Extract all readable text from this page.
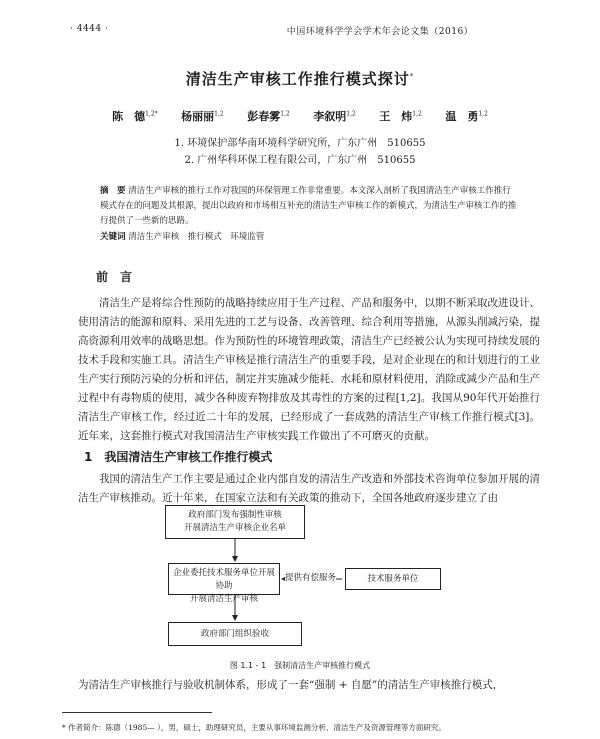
· 4444 ·	中国环境科学学会学术年会论文集（2016）
清洁生产审核工作推行模式探讨*
陈　德$^{1,2*}$ 杨丽丽$^{1,2}$ 彭春雾$^{1,2}$ 李叙明$^{1,2}$ 王　炜$^{1,2}$ 温　勇$^{1,2}$
1. 环境保护部华南环境科学研究所，广东广州　510655
2. 广州华科环保工程有限公司，广东广州　510655
摘　要 清洁生产审核的推行工作对我国的环保管理工作非常重要。本文深入剖析了我国清洁生产审核工作推行模式存在的问题及其根源，提出以政府和市场相互补充的清洁生产审核工作的新模式，为清洁生产审核工作的推行提供了一些新的思路。
关键词 清洁生产审核　推行模式　环境监管
前　言

清洁生产是将综合性预防的战略持续应用于生产过程、产品和服务中，以期不断采取改进设计、使用清洁的能源和原料、采用先进的工艺与设备、改善管理、综合利用等措施，从源头削减污染，提高资源利用效率的战略思想。作为预防性的环境管理政策，清洁生产已经被公认为实现可持续发展的技术手段和实施工具。清洁生产审核是推行清洁生产的重要手段，是对企业现在的和计划进行的工业生产实行预防污染的分析和评估，制定并实施减少能耗、水耗和原材料使用，消除或减少产品和生产过程中有毒物质的使用，减少各种废弃物排放及其毒性的方案的过程[1,2]。我国从90年代开始推行清洁生产审核工作，经过近二十年的发展，已经形成了一套成熟的清洁生产审核工作推行模式[3]。近年来，这套推行模式对我国清洁生产审核实践工作做出了不可磨灭的贡献。

1　我国清洁生产审核工作推行模式

我国的清洁生产工作主要是通过企业内部自发的清洁生产改造和外部技术咨询单位参加开展的清洁生产审核推动。近十年来，在国家立法和有关政策的推动下，全国各地政府逐步建立了由

政府部门发布强制性审核
开展清洁生产审核企业名单
企业委托技术服务单位开展协助
开展清洁生产审核
提供有偿服务	技术服务单位
政府部门组织验收
图 1.1 - 1　强制清洁生产审核推行模式

为清洁生产审核推行与验收机制体系，形成了一套“强制 + 自愿”的清洁生产审核推行模式，

* 作者简介：陈德（1985— ），男，硕士，助理研究员，主要从事环境监测分析、清洁生产及资源管理等方面研究。
